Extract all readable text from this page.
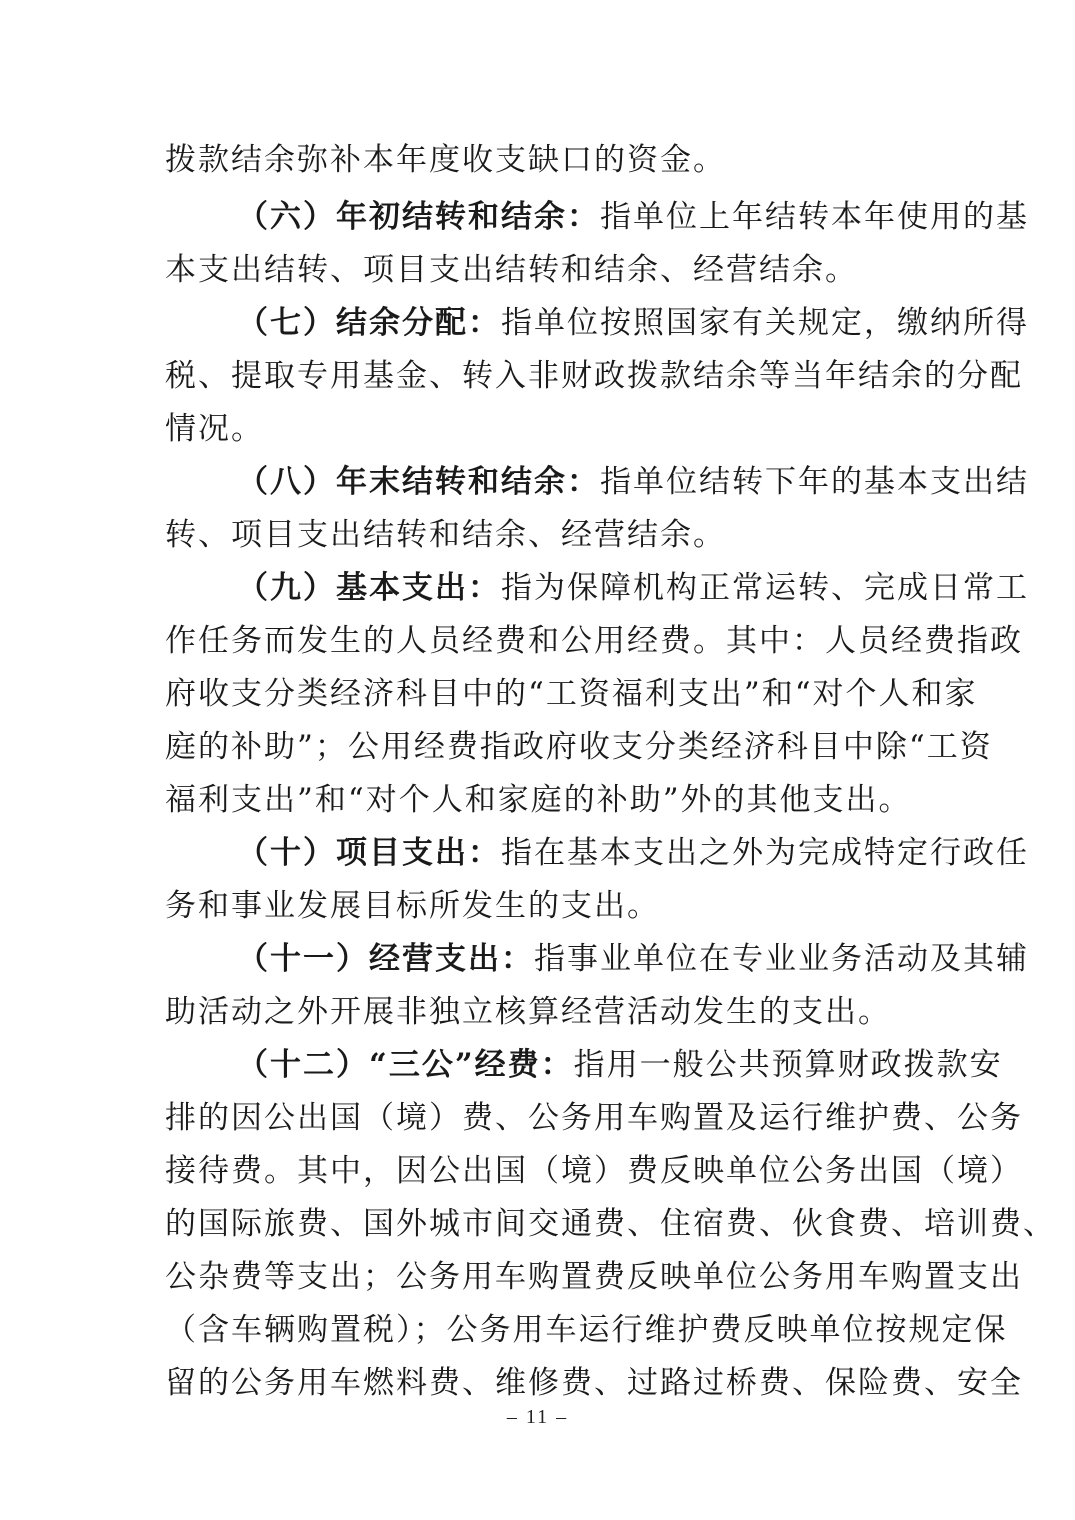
拨款结余弥补本年度收支缺口的资金。
（六）年初结转和结余：指单位上年结转本年使用的基
本支出结转、项目支出结转和结余、经营结余。
（七）结余分配：指单位按照国家有关规定，缴纳所得
税、提取专用基金、转入非财政拨款结余等当年结余的分配
情况。
（八）年末结转和结余：指单位结转下年的基本支出结
转、项目支出结转和结余、经营结余。
（九）基本支出：指为保障机构正常运转、完成日常工
作任务而发生的人员经费和公用经费。其中：人员经费指政
府收支分类经济科目中的“工资福利支出”和“对个人和家
庭的补助”；公用经费指政府收支分类经济科目中除“工资
福利支出”和“对个人和家庭的补助”外的其他支出。
（十）项目支出：指在基本支出之外为完成特定行政任
务和事业发展目标所发生的支出。
（十一）经营支出：指事业单位在专业业务活动及其辅
助活动之外开展非独立核算经营活动发生的支出。
（十二）“三公”经费：指用一般公共预算财政拨款安
排的因公出国（境）费、公务用车购置及运行维护费、公务
接待费。其中，因公出国（境）费反映单位公务出国（境）
的国际旅费、国外城市间交通费、住宿费、伙食费、培训费、
公杂费等支出；公务用车购置费反映单位公务用车购置支出
（含车辆购置税）；公务用车运行维护费反映单位按规定保
留的公务用车燃料费、维修费、过路过桥费、保险费、安全
– 11 –
